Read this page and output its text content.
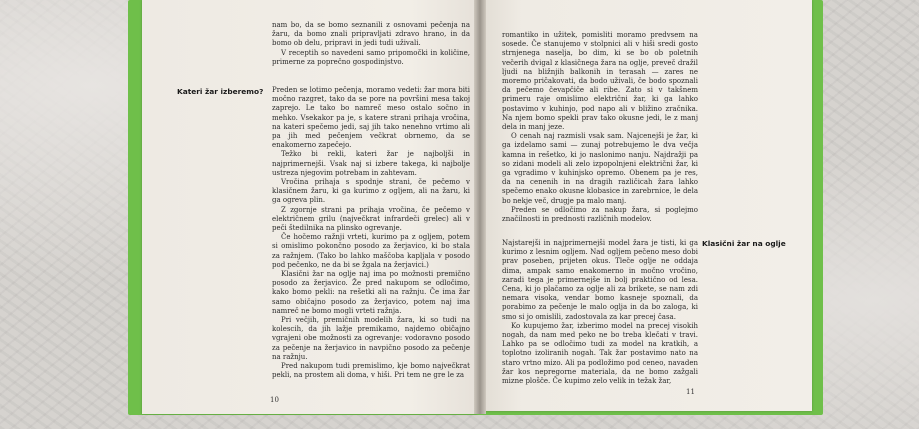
nam bo, da se bomo seznanili z osnovami pečenja na žaru, da bomo znali pripravljati zdravo hrano, in da bomo ob delu, pripravi in jedi tudi uživali.

V receptih so navedeni samo pripomočki in količine, primerne za poprečno gospodinjstvo.

Kateri žar izberemo? Preden se lotimo pečenja, moramo vedeti: žar mora biti močno razgret, tako da se pore na površini mesa takoj zaprejo. Le tako bo namreč meso ostalo sočno in mehko. Vsekakor pa je, s katere strani prihaja vročina, na kateri spečemo jedi, saj jih tako nenehno vrtimo ali pa jih med pečenjem večkrat obrnemo, da se enakomerno zapečejo.

Težko bi rekli, kateri žar je najboljši in najprimernejši. Vsak naj si izbere takega, ki najbolje ustreza njegovim potrebam in zahtevam.

Vročina prihaja s spodnje strani, če pečemo v klasičnem žaru, ki ga kurimo z ogljem, ali na žaru, ki ga ogreva plin.

Z zgornje strani pa prihaja vročina, če pečemo v električnem grilu (največkrat infrardeči grelec) ali v peči štedilnika na plinsko ogrevanje.

Če hočemo ražnji vrteti, kurimo pa z ogljem, potem si omislimo pokončno posodo za žerjavico, ki bo stala za ražnjem. (Tako bo lahko maščoba kapljala v posodo pod pečenko, ne da bi se žgala na žerjavici.)

Klasični žar na oglje naj ima po možnosti premično posodo za žerjavico. Že pred nakupom se odločimo, kako bomo pekli: na rešetki ali na ražnju. Če ima žar samo običajno posodo za žerjavico, potem naj ima namreč ne bomo mogli vrteti ražnja.

Pri večjih, premičnih modelih žara, ki so tudi na kolescih, da jih lažje premikamo, najdemo običajno vgrajeni obe možnosti za ogrevanje: vodoravno posodo za pečenje na žerjavico in navpično posodo za pečenje na ražnju.

Pred nakupom tudi premislimo, kje bomo največkrat pekli, na prostem ali doma, v hiši. Pri tem ne gre le za

10

romantiko in užitek, pomisliti moramo predvsem na sosede. Če stanujemo v stolpnici ali v hiši sredi gosto strnjenega naselja, bo dim, ki se bo ob poletnih večerih dvigal z klasičnega žara na oglje, prevеč dražil ljudi na bližnjih balkonih in terasah — zares ne moremo pričakovati, da bodo uživali, če bodo spoznali da pečemo čevapčiče ali ribe. Zato si v takšnem primeru raje omislimo električni žar, ki ga lahko postavimo v kuhinjo, pod napo ali v bližino zračnika. Na njem bomo spekli prav tako okusne jedi, le z manj dela in manj jeze.

O cenah naj razmisli vsak sam. Najcenejši je žar, ki ga izdelamo sami — zunaj potrebujemo le dva večja kamna in rešetko, ki jo naslonimo nanju. Najdražji pa so zidani modeli ali zelo izpopolnjeni električni žar, ki ga vgradimo v kuhinjsko opremo. Obenem pa je res, da na cenenih in na dragih različicah žara lahko spečemo enako okusne klobasice in zarebrnice, le dela bo nekje več, drugje pa malo manj.

Preden se odločimo za nakup žara, si poglejmo značilnosti in prednosti različnih modelov.

Klasični žar na oglje

Najstarejši in najprimernejši model žara je tisti, ki ga kurimo z lesnim ogljem. Nad ogljem pečeno meso dobi prav poseben, prijeten okus. Tleče oglje ne oddaja dima, ampak samo enakomerno in močno vročino, zaradi tega je primernejše in bolj praktično od lesa. Cena, ki jo plačamo za oglje ali za brikete, se nam zdi nemara visoka, vendar bomo kasneje spoznali, da porabimo za pečenje le malo oglja in da bo zaloga, ki smo si jo omislili, zadostovala za kar precej časa.

Ko kupujemo žar, izberimo model na precej visokih nogah, da nam med peko ne bo treba klečati v travi. Lahko pa se odločimo tudi za model na kratkih, a toplotno izoliranih nogah. Tak žar postavimo nato na staro vrtno mizo. Ali pa podložimo pod ceneo, navaden žar kos nepregorne materiala, da ne bomo zažgali mizne plošče. Če kupimo zelo velik in težak žar,

11
